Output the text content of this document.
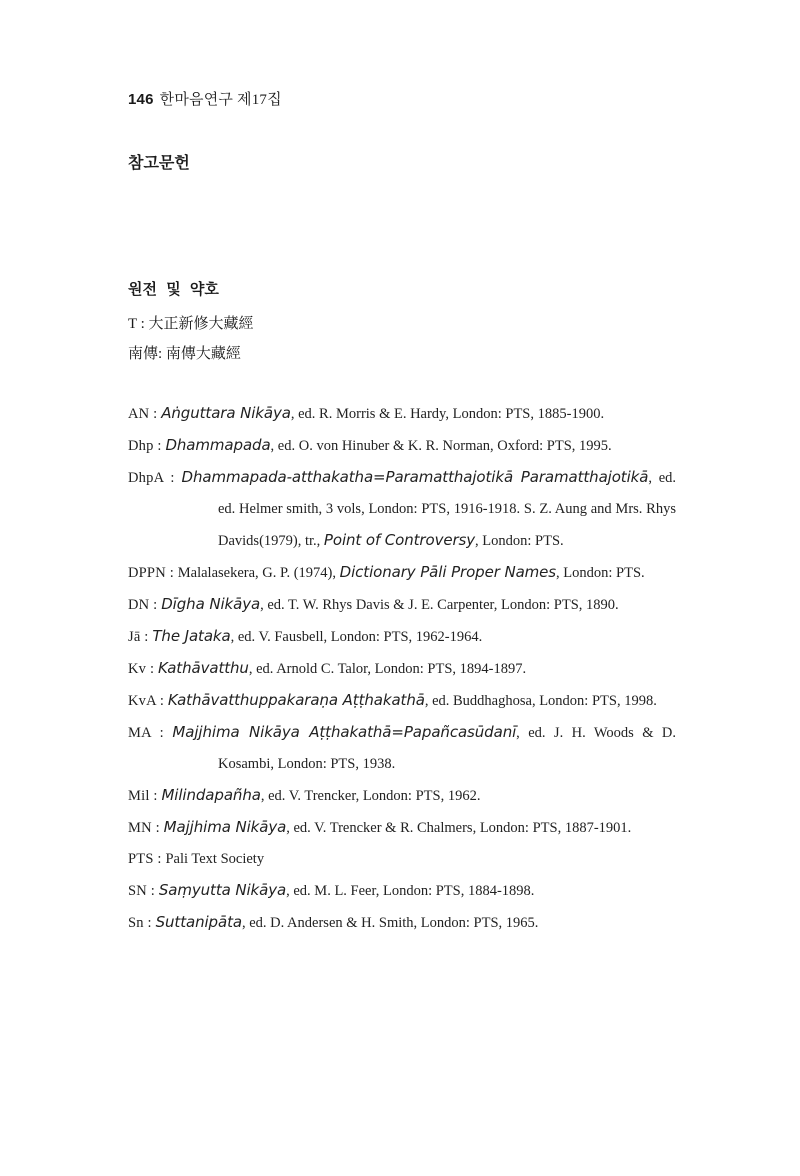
146 한마음연구 제17집
참고문헌
원전 및 약호
T : 大正新修大藏經
南傳: 南傳大藏經
AN : Aṅguttara Nikāya, ed. R. Morris & E. Hardy, London: PTS, 1885-1900.
Dhp : Dhammapada, ed. O. von Hinuber & K. R. Norman, Oxford: PTS, 1995.
DhpA : Dhammapada-atthakatha=Paramatthajotikā Paramatthajotikā, ed. ed. Helmer smith, 3 vols, London: PTS, 1916-1918. S. Z. Aung and Mrs. Rhys Davids(1979), tr., Point of Controversy, London: PTS.
DPPN : Malalasekera, G. P. (1974), Dictionary Pāli Proper Names, London: PTS.
DN : Dīgha Nikāya, ed. T. W. Rhys Davis & J. E. Carpenter, London: PTS, 1890.
Jā : The Jataka, ed. V. Fausbell, London: PTS, 1962-1964.
Kv : Kathāvatthu, ed. Arnold C. Talor, London: PTS, 1894-1897.
KvA : Kathāvatthuppakaraṇa Aṭṭhakathā, ed. Buddhaghosa, London: PTS, 1998.
MA : Majjhima Nikāya Aṭṭhakathā=Papañcasūdanī, ed. J. H. Woods & D. Kosambi, London: PTS, 1938.
Mil : Milindapañha, ed. V. Trencker, London: PTS, 1962.
MN : Majjhima Nikāya, ed. V. Trencker & R. Chalmers, London: PTS, 1887-1901.
PTS : Pali Text Society
SN : Saṃyutta Nikāya, ed. M. L. Feer, London: PTS, 1884-1898.
Sn : Suttanipāta, ed. D. Andersen & H. Smith, London: PTS, 1965.
